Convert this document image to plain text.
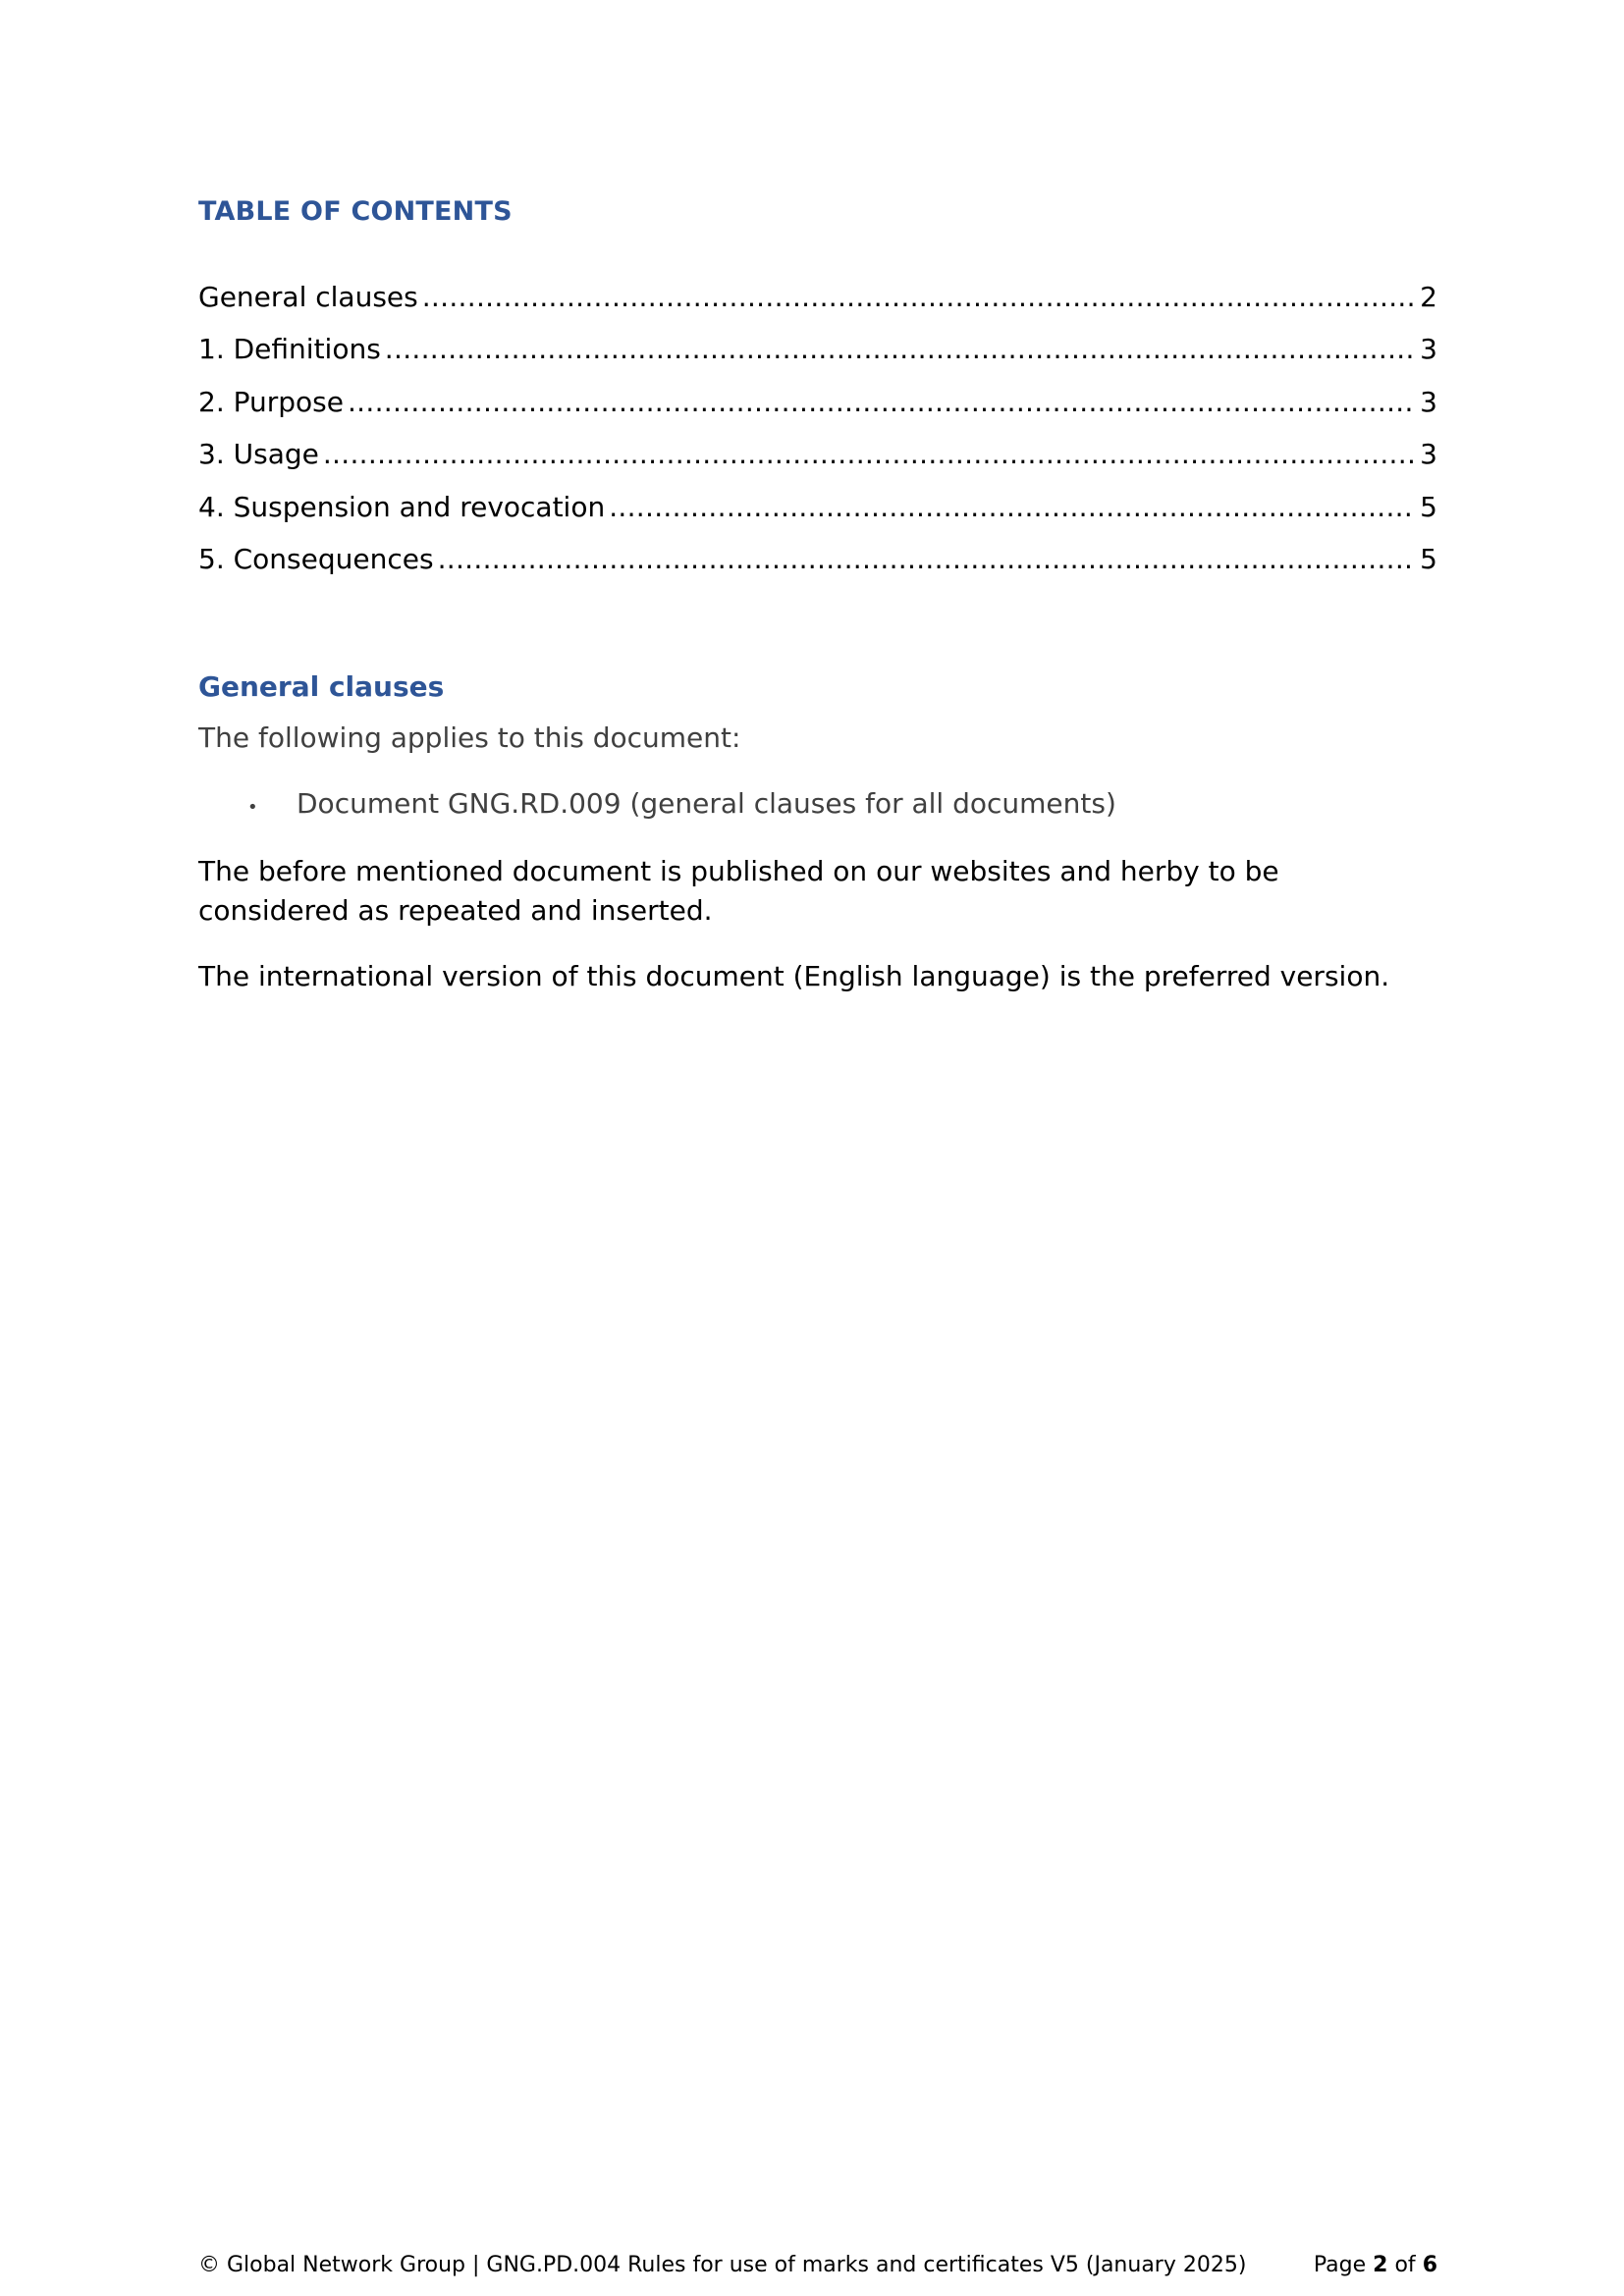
TABLE OF CONTENTS
General clauses . . .	2
1. Definitions . . .	3
2. Purpose . . .	3
3. Usage . . .	3
4. Suspension and revocation . . .	5
5. Consequences . . .	5
General clauses

The following applies to this document:

•	Document GNG.RD.009 (general clauses for all documents)

The before mentioned document is published on our websites and herby to be considered as repeated and inserted.

The international version of this document (English language) is the preferred version.

© Global Network Group | GNG.PD.004 Rules for use of marks and certificates V5 (January 2025)	Page 2 of 6
